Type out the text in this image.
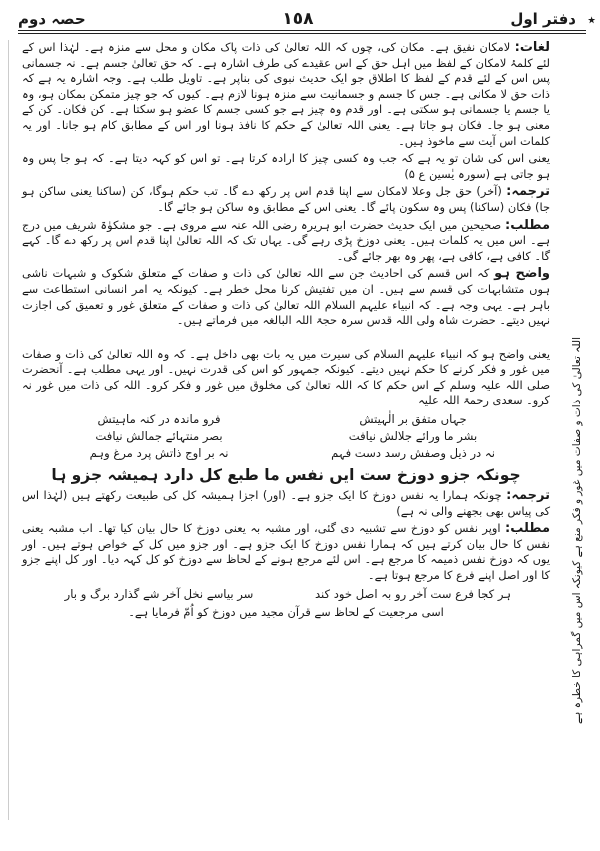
دفتر اول
١٥٨
حصہ دوم	٭
اللہ تعالیٰ کی ذات و صفات میں غور و فکر منع ہے کیونکہ اس میں گمراہی کا خطرہ ہے

لغات: لامکان نفیق ہے۔ مکان کی، چوں کہ اللہ تعالیٰ کی ذات پاک مکان و محل سے منزہ ہے۔ لہٰذا اس کے لئے کلمۂ لامکان کے لفظ میں اہل حق کے اس عقیدے کی طرف اشارہ ہے۔ کہ حق تعالیٰ جسم ہے۔ نہ جسمانی پس اس کے لئے قدم کے لفظ کا اطلاق جو ایک حدیث نبوی کی بناپر ہے۔ تاویل طلب ہے۔ وجہ اشارہ یہ ہے کہ ذات حق لا مکانی ہے۔ جس کا جسم و جسمانیت سے منزہ ہونا لازم ہے۔ کیوں کہ جو چیز متمکن بمکان ہو، وہ یا جسم یا جسمانی ہو سکتی ہے۔ اور قدم وہ چیز ہے جو کسی جسم کا عضو ہو سکتا ہے۔ کن فکان۔ کن کے معنی ہو جا۔ فکان ہو جاتا ہے۔ یعنی اللہ تعالیٰ کے حکم کا نافذ ہونا اور اس کے مطابق کام ہو جانا۔ اور یہ کلمات اس آیت سے ماخوذ ہیں۔

یعنی اس کی شان تو یہ ہے کہ جب وہ کسی چیز کا ارادہ کرتا ہے۔ تو اس کو کہہ دیتا ہے۔ کہ ہو جا پس وہ ہو جاتی ہے (سورہ یٰسین ع ۵)

ترجمہ: (آخر) حق جل وعلا لامکان سے اپنا قدم اس پر رکھ دے گا۔ تب حکم ہوگا، کن (ساکنا یعنی ساکن ہو جا) فکان (ساکنا) پس وہ سکون پائے گا۔ یعنی اس کے مطابق وہ ساکن ہو جائے گا۔

مطلب: صحیحین میں ایک حدیث حضرت ابو ہریرہ رضی اللہ عنہ سے مروی ہے۔ جو مشکوٰۃ شریف میں درج ہے۔ اس میں یہ کلمات ہیں۔ یعنی دوزخ پڑی رہے گی۔ یہاں تک کہ اللہ تعالیٰ اپنا قدم اس پر رکھ دے گا۔ کہے گا۔ کافی ہے، کافی ہے، پھر وہ بھر جائے گی۔

واضح ہو کہ اس قسم کی احادیث جن سے اللہ تعالیٰ کی ذات و صفات کے متعلق شکوک و شبہات ناشی ہوں متشابہات کی قسم سے ہیں۔ ان میں تفتیش کرنا محل خطر ہے۔ کیونکہ یہ امر انسانی استطاعت سے باہر ہے۔ یہی وجہ ہے۔ کہ انبیاء علیہم السلام اللہ تعالیٰ کی ذات و صفات کے متعلق غور و تعمیق کی اجازت نہیں دیتے۔ حضرت شاہ ولی اللہ قدس سرہ حجۃ اللہ البالغہ میں فرماتے ہیں۔

یعنی واضح ہو کہ انبیاء علیہم السلام کی سیرت میں یہ بات بھی داخل ہے۔ کہ وہ اللہ تعالیٰ کی ذات و صفات میں غور و فکر کرنے کا حکم نہیں دیتے۔ کیونکہ جمہور کو اس کی قدرت نہیں۔ اور یہی مطلب ہے۔ آنحضرت صلی اللہ علیہ وسلم کے اس حکم کا کہ اللہ تعالیٰ کی مخلوق میں غور و فکر کرو۔ اللہ کی ذات میں غور نہ کرو۔ سعدی رحمۃ اللہ علیہ

جہاں متفق بر الٰہیتش
فرو ماندہ در کنہ ماہیتش
بشر ما ورائے جلالش نیافت
بصر منتہائے جمالش نیافت
نہ در ذیل وصفش رسد دست فہم
نہ بر اوج ذاتش پرد مرغ وہم
چونکہ جزو دوزخ ست ایں نفس ما طبع کل دارد ہمیشہ جزو ہا

ترجمہ: چونکہ ہمارا یہ نفس دوزخ کا ایک جزو ہے۔ (اور) اجزا ہمیشہ کل کی طبیعت رکھتے ہیں (لہٰذا اس کی پیاس بھی بجھنے والی نہ ہے)

مطلب: اوپر نفس کو دوزخ سے تشبیہ دی گئی، اور مشبہ بہ یعنی دوزخ کا حال بیان کیا تھا۔ اب مشبہ یعنی نفس کا حال بیان کرتے ہیں کہ ہمارا نفس دوزخ کا ایک جزو ہے۔ اور جزو میں کل کے خواص ہوتے ہیں۔ اور یوں کہ دوزخ نفس ذمیمہ کا مرجع ہے۔ اس لئے مرجع ہونے کے لحاظ سے دوزخ کو کل کہہ دیا۔ اور کل اپنے جزو کا اور اصل اپنے فرع کا مرجع ہوتا ہے۔

ہر کجا فرع ست آخر رو بہ اصل خود کند
سر بیاسے نخل آخر شے گذارد برگ و بار

اسی مرجعیت کے لحاظ سے قرآن مجید میں دوزخ کو اُمّ فرمایا ہے۔
